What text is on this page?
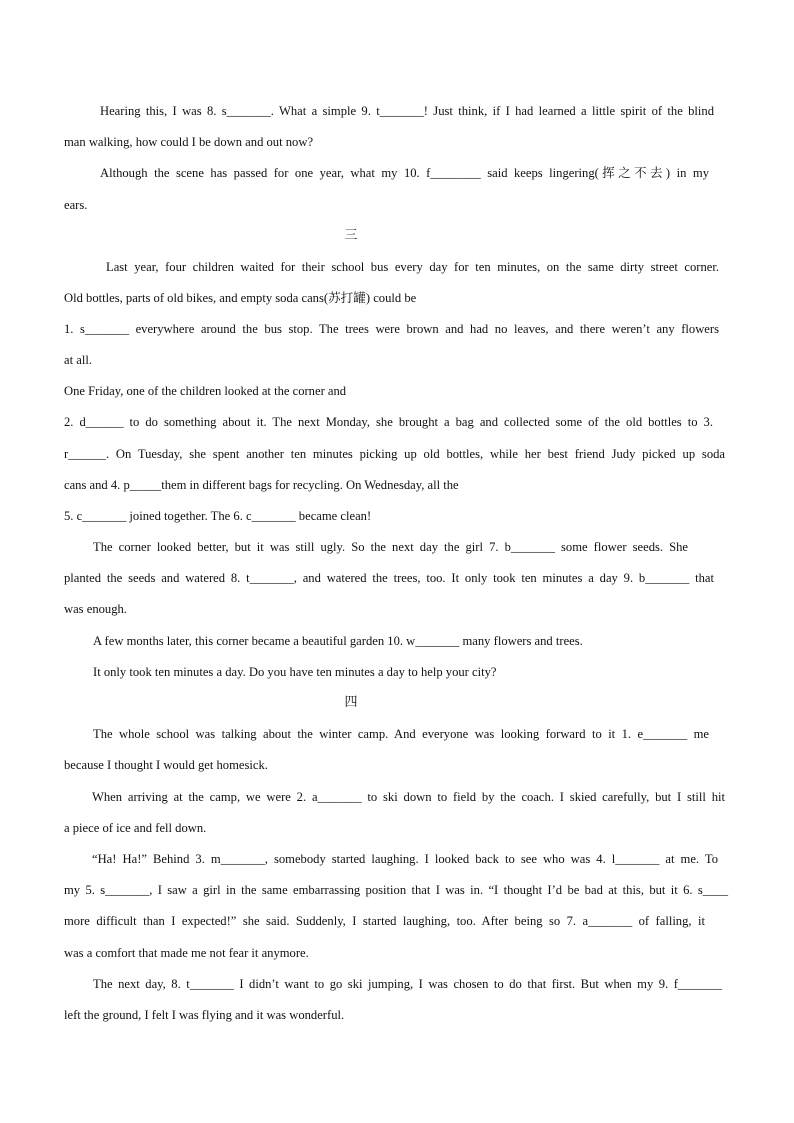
Hearing this, I was 8. s_______. What a simple 9. t_______! Just think, if I had learned a little spirit of the blind
man walking, how could I be down and out now?
Although the scene has passed for one year, what my 10. f________ said keeps lingering(挥之不去) in my
ears.
三
Last year, four children waited for their school bus every day for ten minutes, on the same dirty street corner.
Old bottles, parts of old bikes, and empty soda cans(苏打罐) could be
1. s_______ everywhere around the bus stop. The trees were brown and had no leaves, and there weren’t any flowers
at all.
One Friday, one of the children looked at the corner and
2. d______ to do something about it. The next Monday, she brought a bag and collected some of the old bottles to 3.
r______. On Tuesday, she spent another ten minutes picking up old bottles, while her best friend Judy picked up soda
cans and 4. p_____them in different bags for recycling. On Wednesday, all the
5. c_______ joined together. The 6. c_______ became clean!
The corner looked better, but it was still ugly. So the next day the girl 7. b_______ some flower seeds. She
planted the seeds and watered 8. t_______, and watered the trees, too. It only took ten minutes a day 9. b_______ that
was enough.
A few months later, this corner became a beautiful garden 10. w_______ many flowers and trees.
It only took ten minutes a day. Do you have ten minutes a day to help your city?
四
The whole school was talking about the winter camp. And everyone was looking forward to it 1. e_______ me
because I thought I would get homesick.
When arriving at the camp, we were 2. a_______ to ski down to field by the coach. I skied carefully, but I still hit
a piece of ice and fell down.
“Ha! Ha!” Behind 3. m_______, somebody started laughing. I looked back to see who was 4. l_______ at me. To
my 5. s_______, I saw a girl in the same embarrassing position that I was in. “I thought I’d be bad at this, but it 6. s____
more difficult than I expected!” she said. Suddenly, I started laughing, too. After being so 7. a_______ of falling, it
was a comfort that made me not fear it anymore.
The next day, 8. t_______ I didn’t want to go ski jumping, I was chosen to do that first. But when my 9. f_______
left the ground, I felt I was flying and it was wonderful.
